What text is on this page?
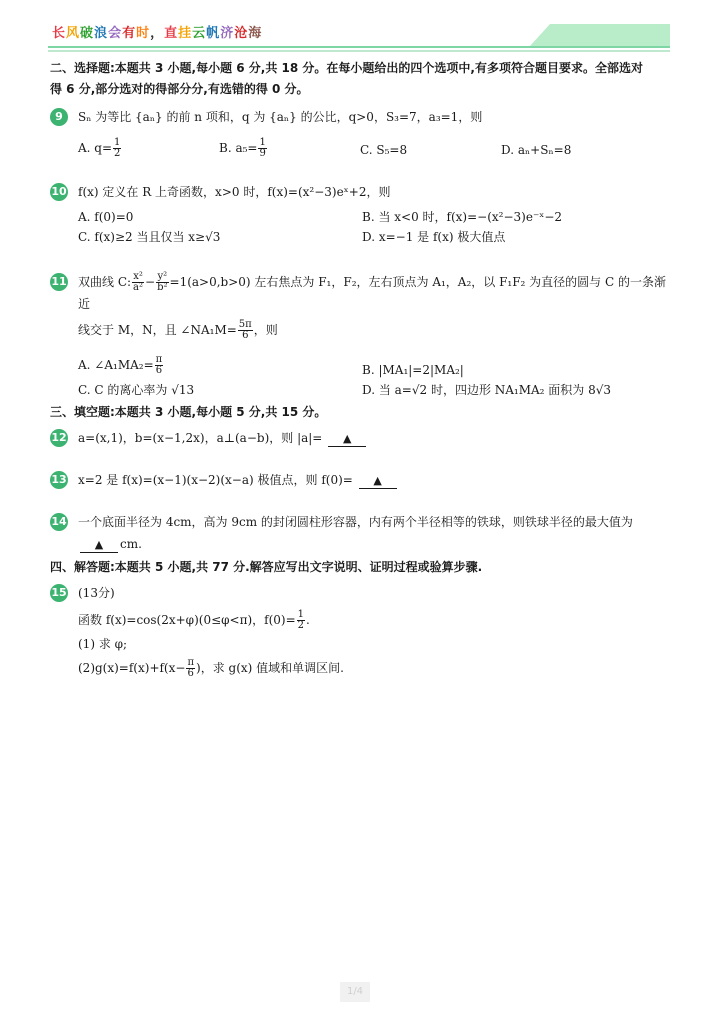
长风破浪会有时，直挂云帆济沧海
二、选择题:本题共 3 小题,每小题 6 分,共 18 分。在每小题给出的四个选项中,有多项符合题目要求。全部选对
得 6 分,部分选对的得部分分,有选错的得 0 分。
9	Sₙ 为等比 {aₙ} 的前 n 项和，q 为 {aₙ} 的公比，q>0，S₃=7，a₃=1，则
A. $q= \frac{1}{2}$	B. $a_5= \frac{1}{9}$	C. S₅=8	D. aₙ+Sₙ=8
10 f(x) 定义在 R 上奇函数，x>0 时，f(x)=(x²−3)eˣ+2，则
A. f(0)=0	B. 当 x<0 时，f(x)=−(x²−3)e⁻ˣ−2
C. f(x)≥2 当且仅当 x≥√3	D. x=−1 是 f(x) 极大值点
11 双曲线 C: $\frac{\text{x²}}{\text{a²}} - \frac{\text{y²}}{\text{b²}} =1(a>0,b>0)$ 左右焦点为 F₁，F₂，左右顶点为 A₁，A₂，以 F₁F₂ 为直径的圆与 C 的一条渐近
线交于 M，N，且 ∠NA₁M= $\frac{5\pi}{6}$ ，则
A. ∠A₁MA₂= $\frac{\pi}{6}$	B. |MA₁|=2|MA₂|
C. C 的离心率为 √13	D. 当 a=√2 时，四边形 NA₁MA₂ 面积为 8√3
三、填空题:本题共 3 小题,每小题 5 分,共 15 分。
12 a=(x,1)，b=(x−1,2x)，a⊥(a−b)，则 |a|= ▲
13 x=2 是 f(x)=(x−1)(x−2)(x−a) 极值点，则 f(0)= ▲
14 一个底面半径为 4cm，高为 9cm 的封闭圆柱形容器，内有两个半径相等的铁球，则铁球半径的最大值为
▲ cm.
四、解答题:本题共 5 小题,共 77 分.解答应写出文字说明、证明过程或验算步骤.
15 (13分)
函数 f(x)=cos(2x+φ)(0≤φ<π)，$f(0)= \frac{1}{2}$ .
(1) 求 φ;
$(2)g(x)=f(x)+f(x- \frac{\pi}{6}$ )，求 g(x) 值域和单调区间.
1/4
